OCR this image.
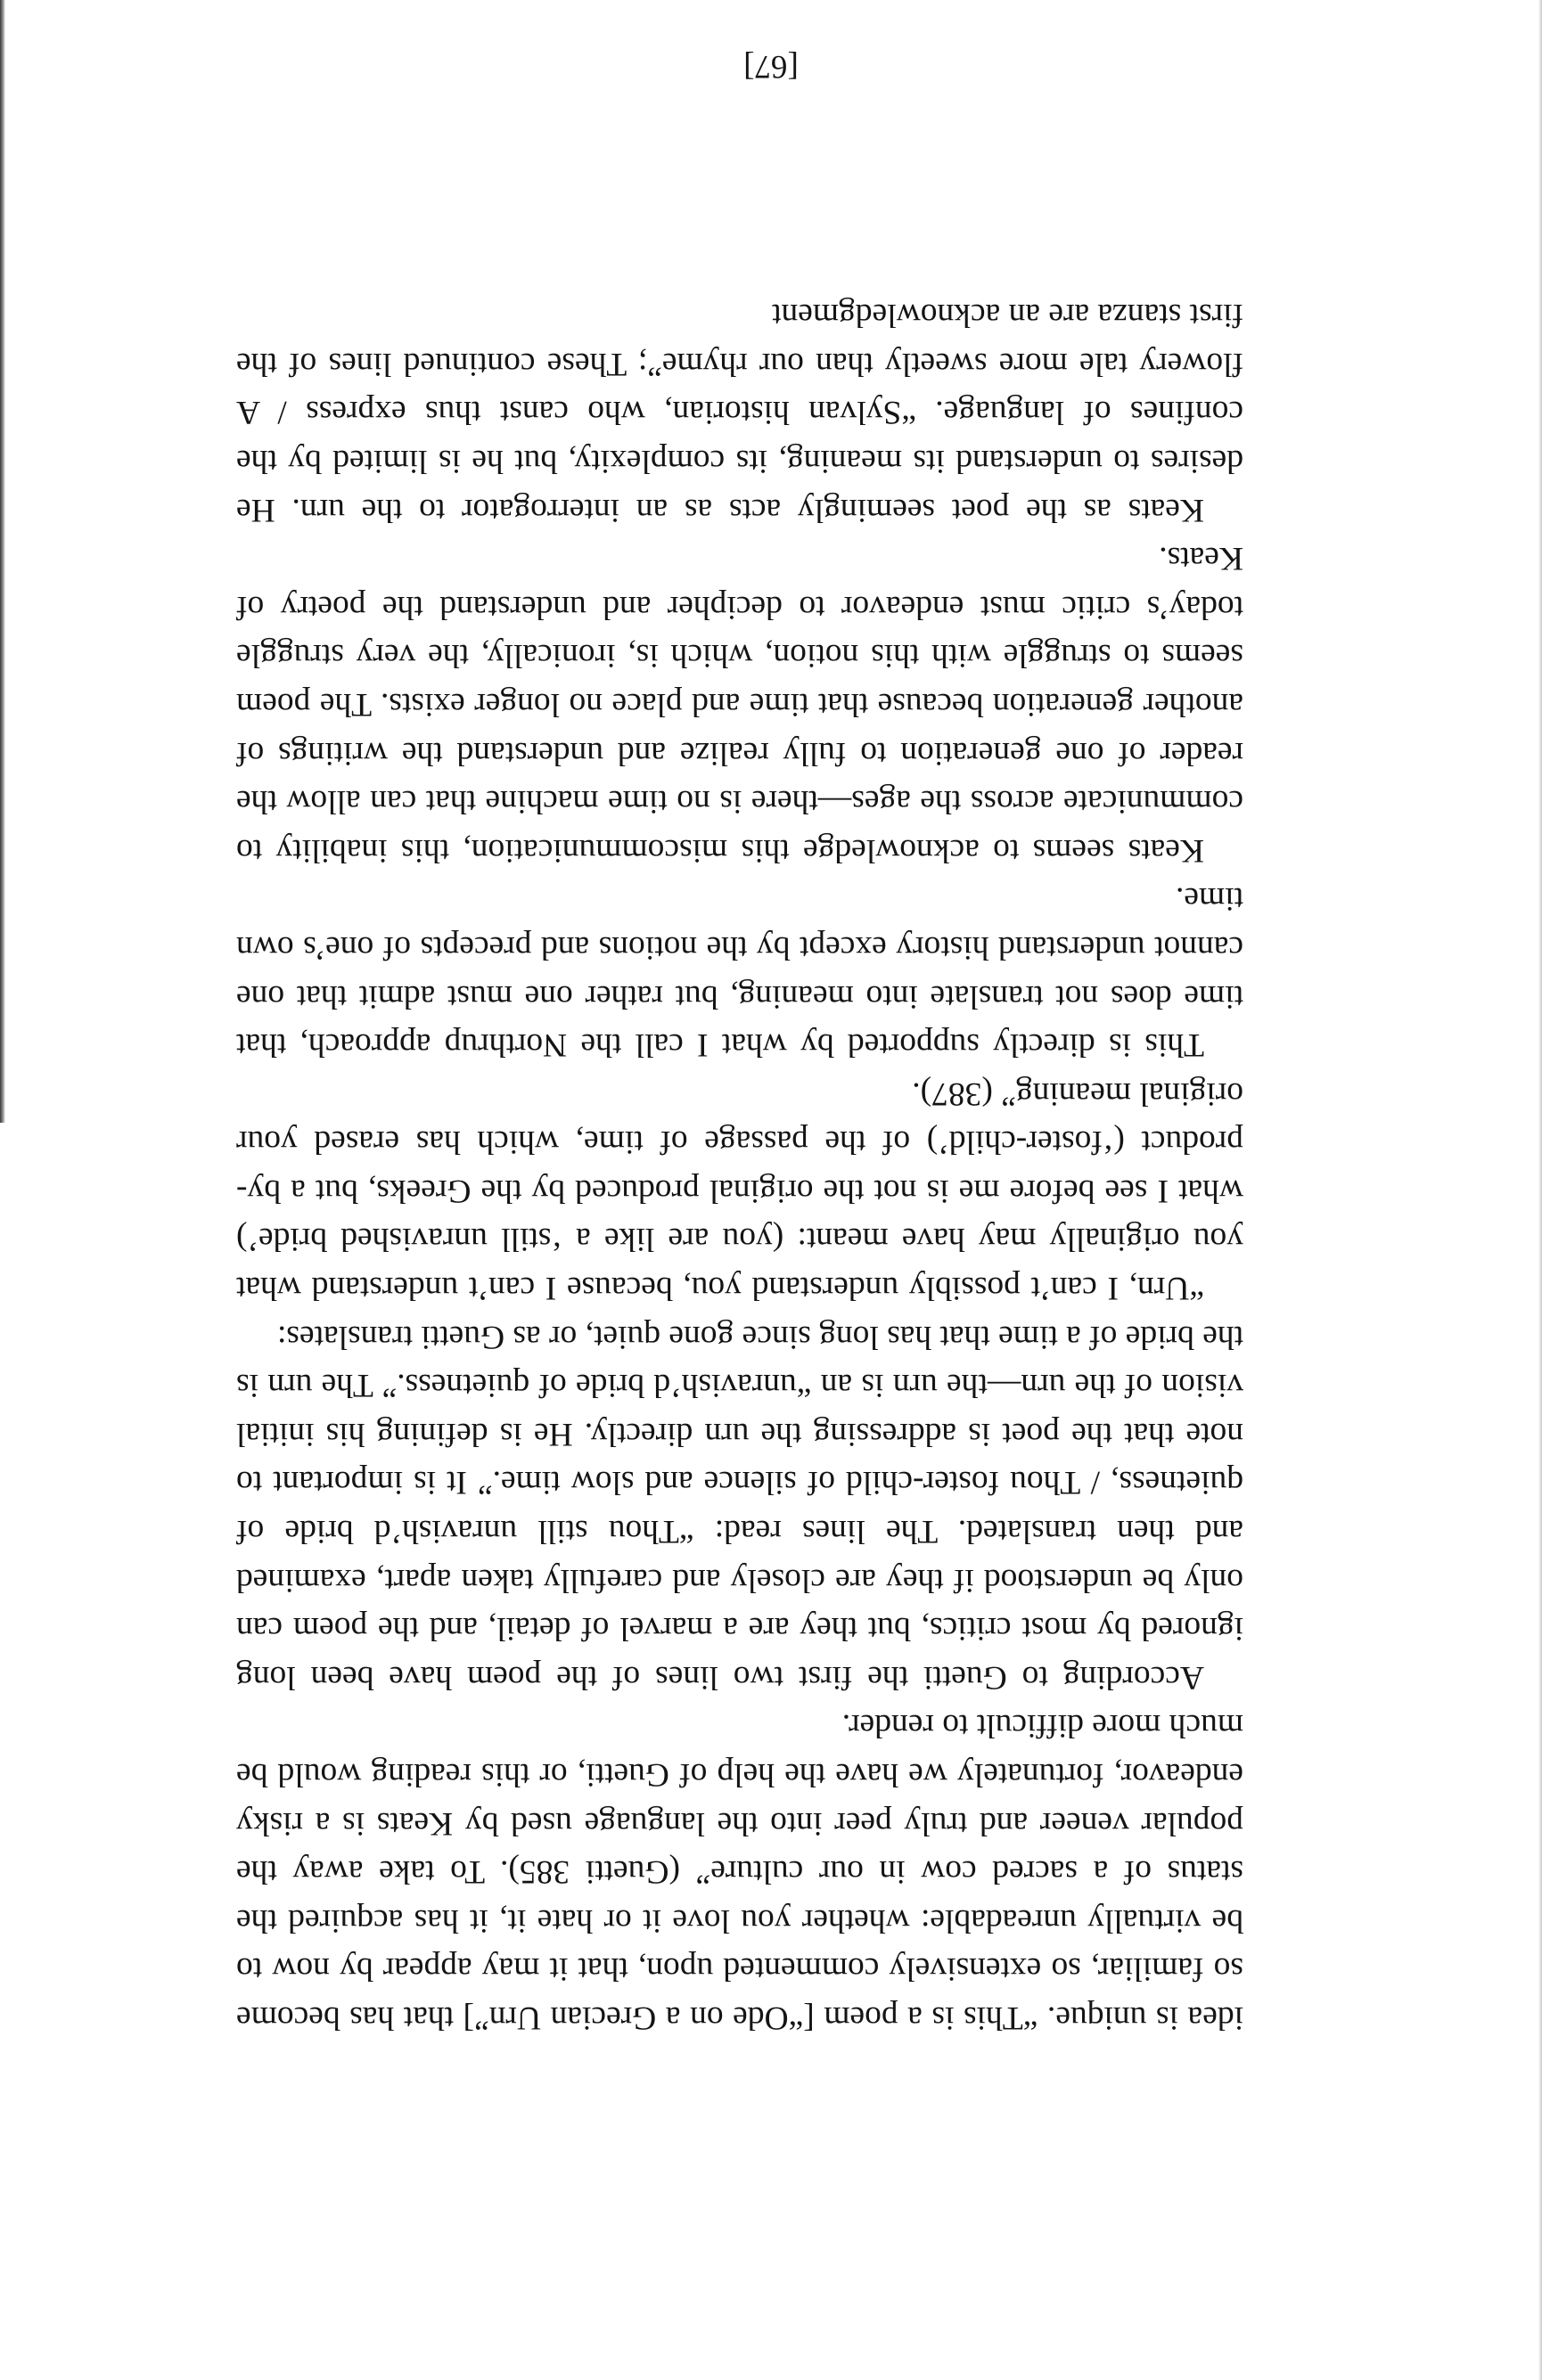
idea is unique. “This is a poem [“Ode on a Grecian Urn”] that has become so familiar, so extensively commented upon, that it may appear by now to be virtually unreadable: whether you love it or hate it, it has acquired the status of a sacred cow in our culture” (Guetti 385). To take away the popular veneer and truly peer into the language used by Keats is a risky endeavor, fortunately we have the help of Guetti, or this reading would be much more difficult to render.

According to Guetti the first two lines of the poem have been long ignored by most critics, but they are a marvel of detail, and the poem can only be understood if they are closely and carefully taken apart, examined and then translated. The lines read: “Thou still unravish’d bride of quietness, / Thou foster-child of silence and slow time.” It is important to note that the poet is addressing the urn directly. He is defining his initial vision of the urn—the urn is an “unravish’d bride of quietness.” The urn is the bride of a time that has long since gone quiet, or as Guetti translates:

“Urn, I can’t possibly understand you, because I can’t understand what you originally may have meant: (you are like a ‘still unravished bride’) what I see before me is not the original produced by the Greeks, but a by-product (‘foster-child’) of the passage of time, which has erased your original meaning” (387).

This is directly supported by what I call the Northrup approach, that time does not translate into meaning, but rather one must admit that one cannot understand history except by the notions and precepts of one’s own time.

Keats seems to acknowledge this miscommunication, this inability to communicate across the ages—there is no time machine that can allow the reader of one generation to fully realize and understand the writings of another generation because that time and place no longer exists. The poem seems to struggle with this notion, which is, ironically, the very struggle today’s critic must endeavor to decipher and understand the poetry of Keats.

Keats as the poet seemingly acts as an interrogator to the urn. He desires to understand its meaning, its complexity, but he is limited by the confines of language. “Sylvan historian, who canst thus express / A flowery tale more sweetly than our rhyme”; These continued lines of the first stanza are an acknowledgment

[67]
